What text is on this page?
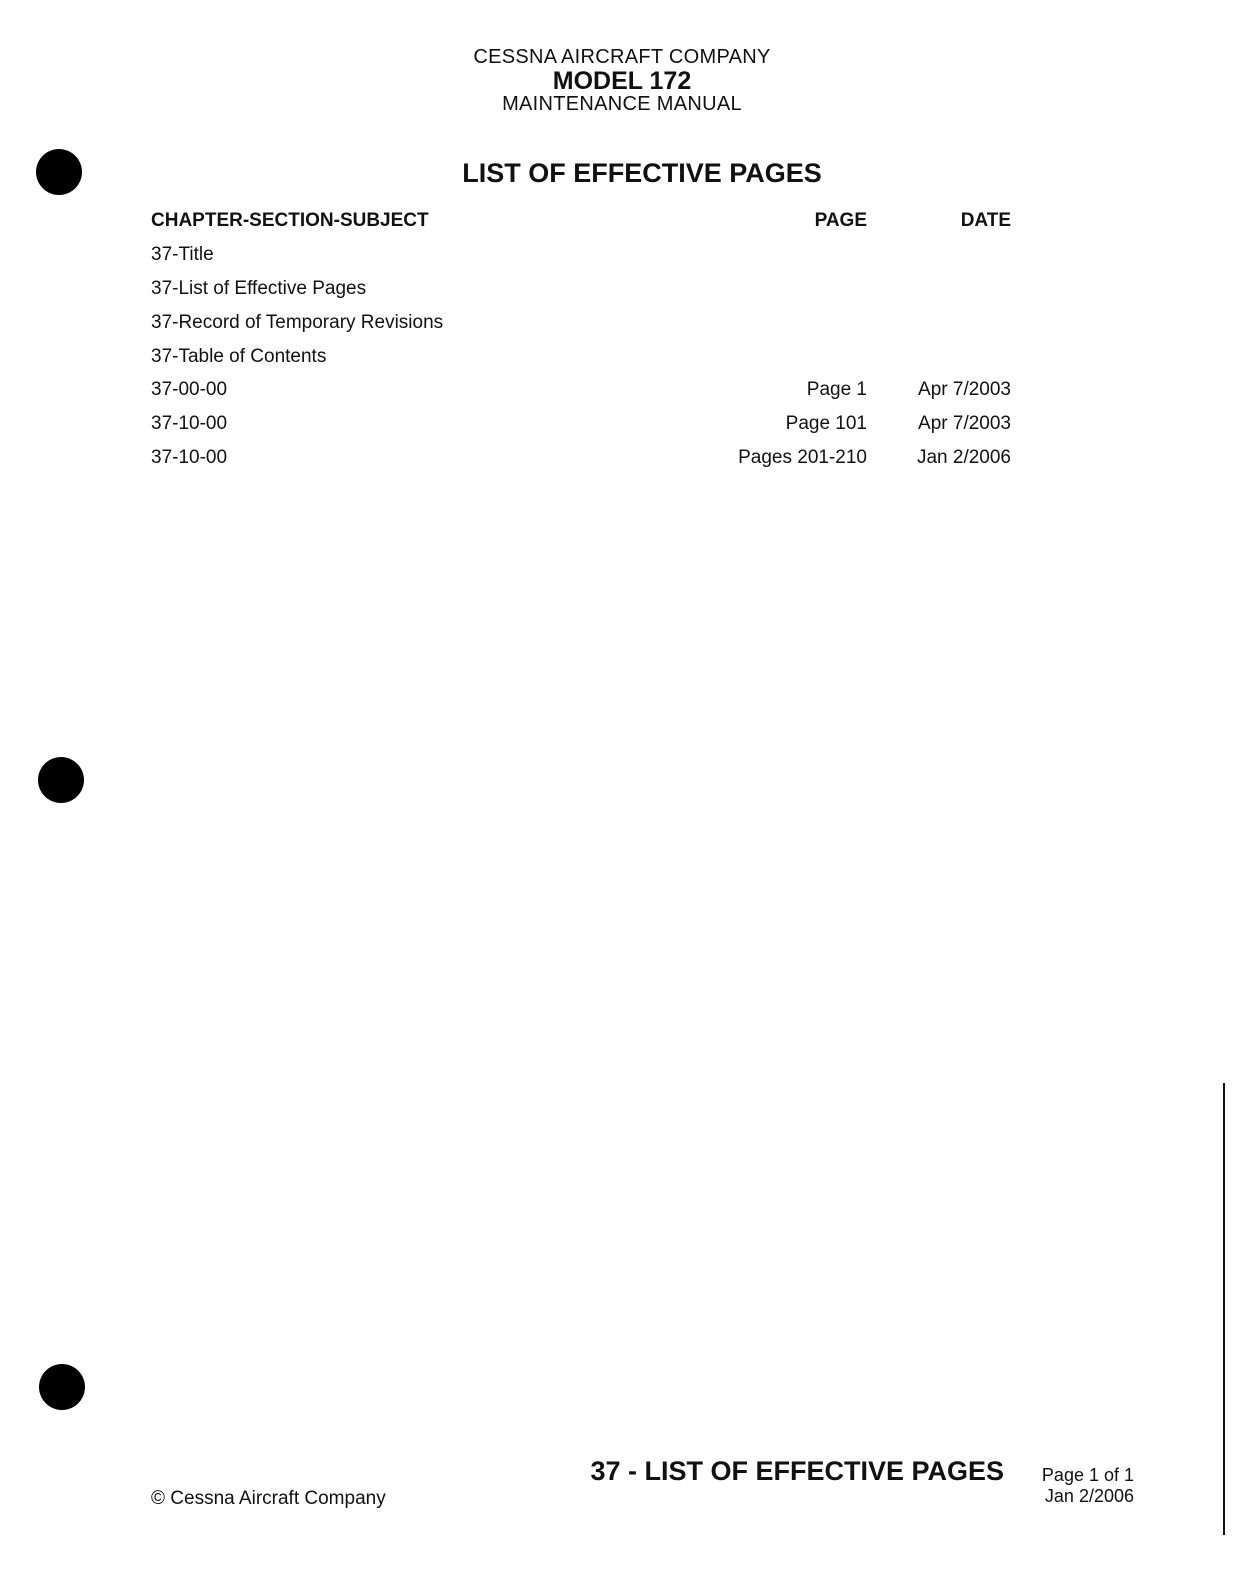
CESSNA AIRCRAFT COMPANY
MODEL 172
MAINTENANCE MANUAL
LIST OF EFFECTIVE PAGES
CHAPTER-SECTION-SUBJECT	PAGE	DATE
37-Title
37-List of Effective Pages
37-Record of Temporary Revisions
37-Table of Contents
37-00-00	Page 1	Apr 7/2003
37-10-00	Page 101	Apr 7/2003
37-10-00	Pages 201-210	Jan 2/2006
© Cessna Aircraft Company
37 - LIST OF EFFECTIVE PAGES Page 1 of 1
Jan 2/2006
